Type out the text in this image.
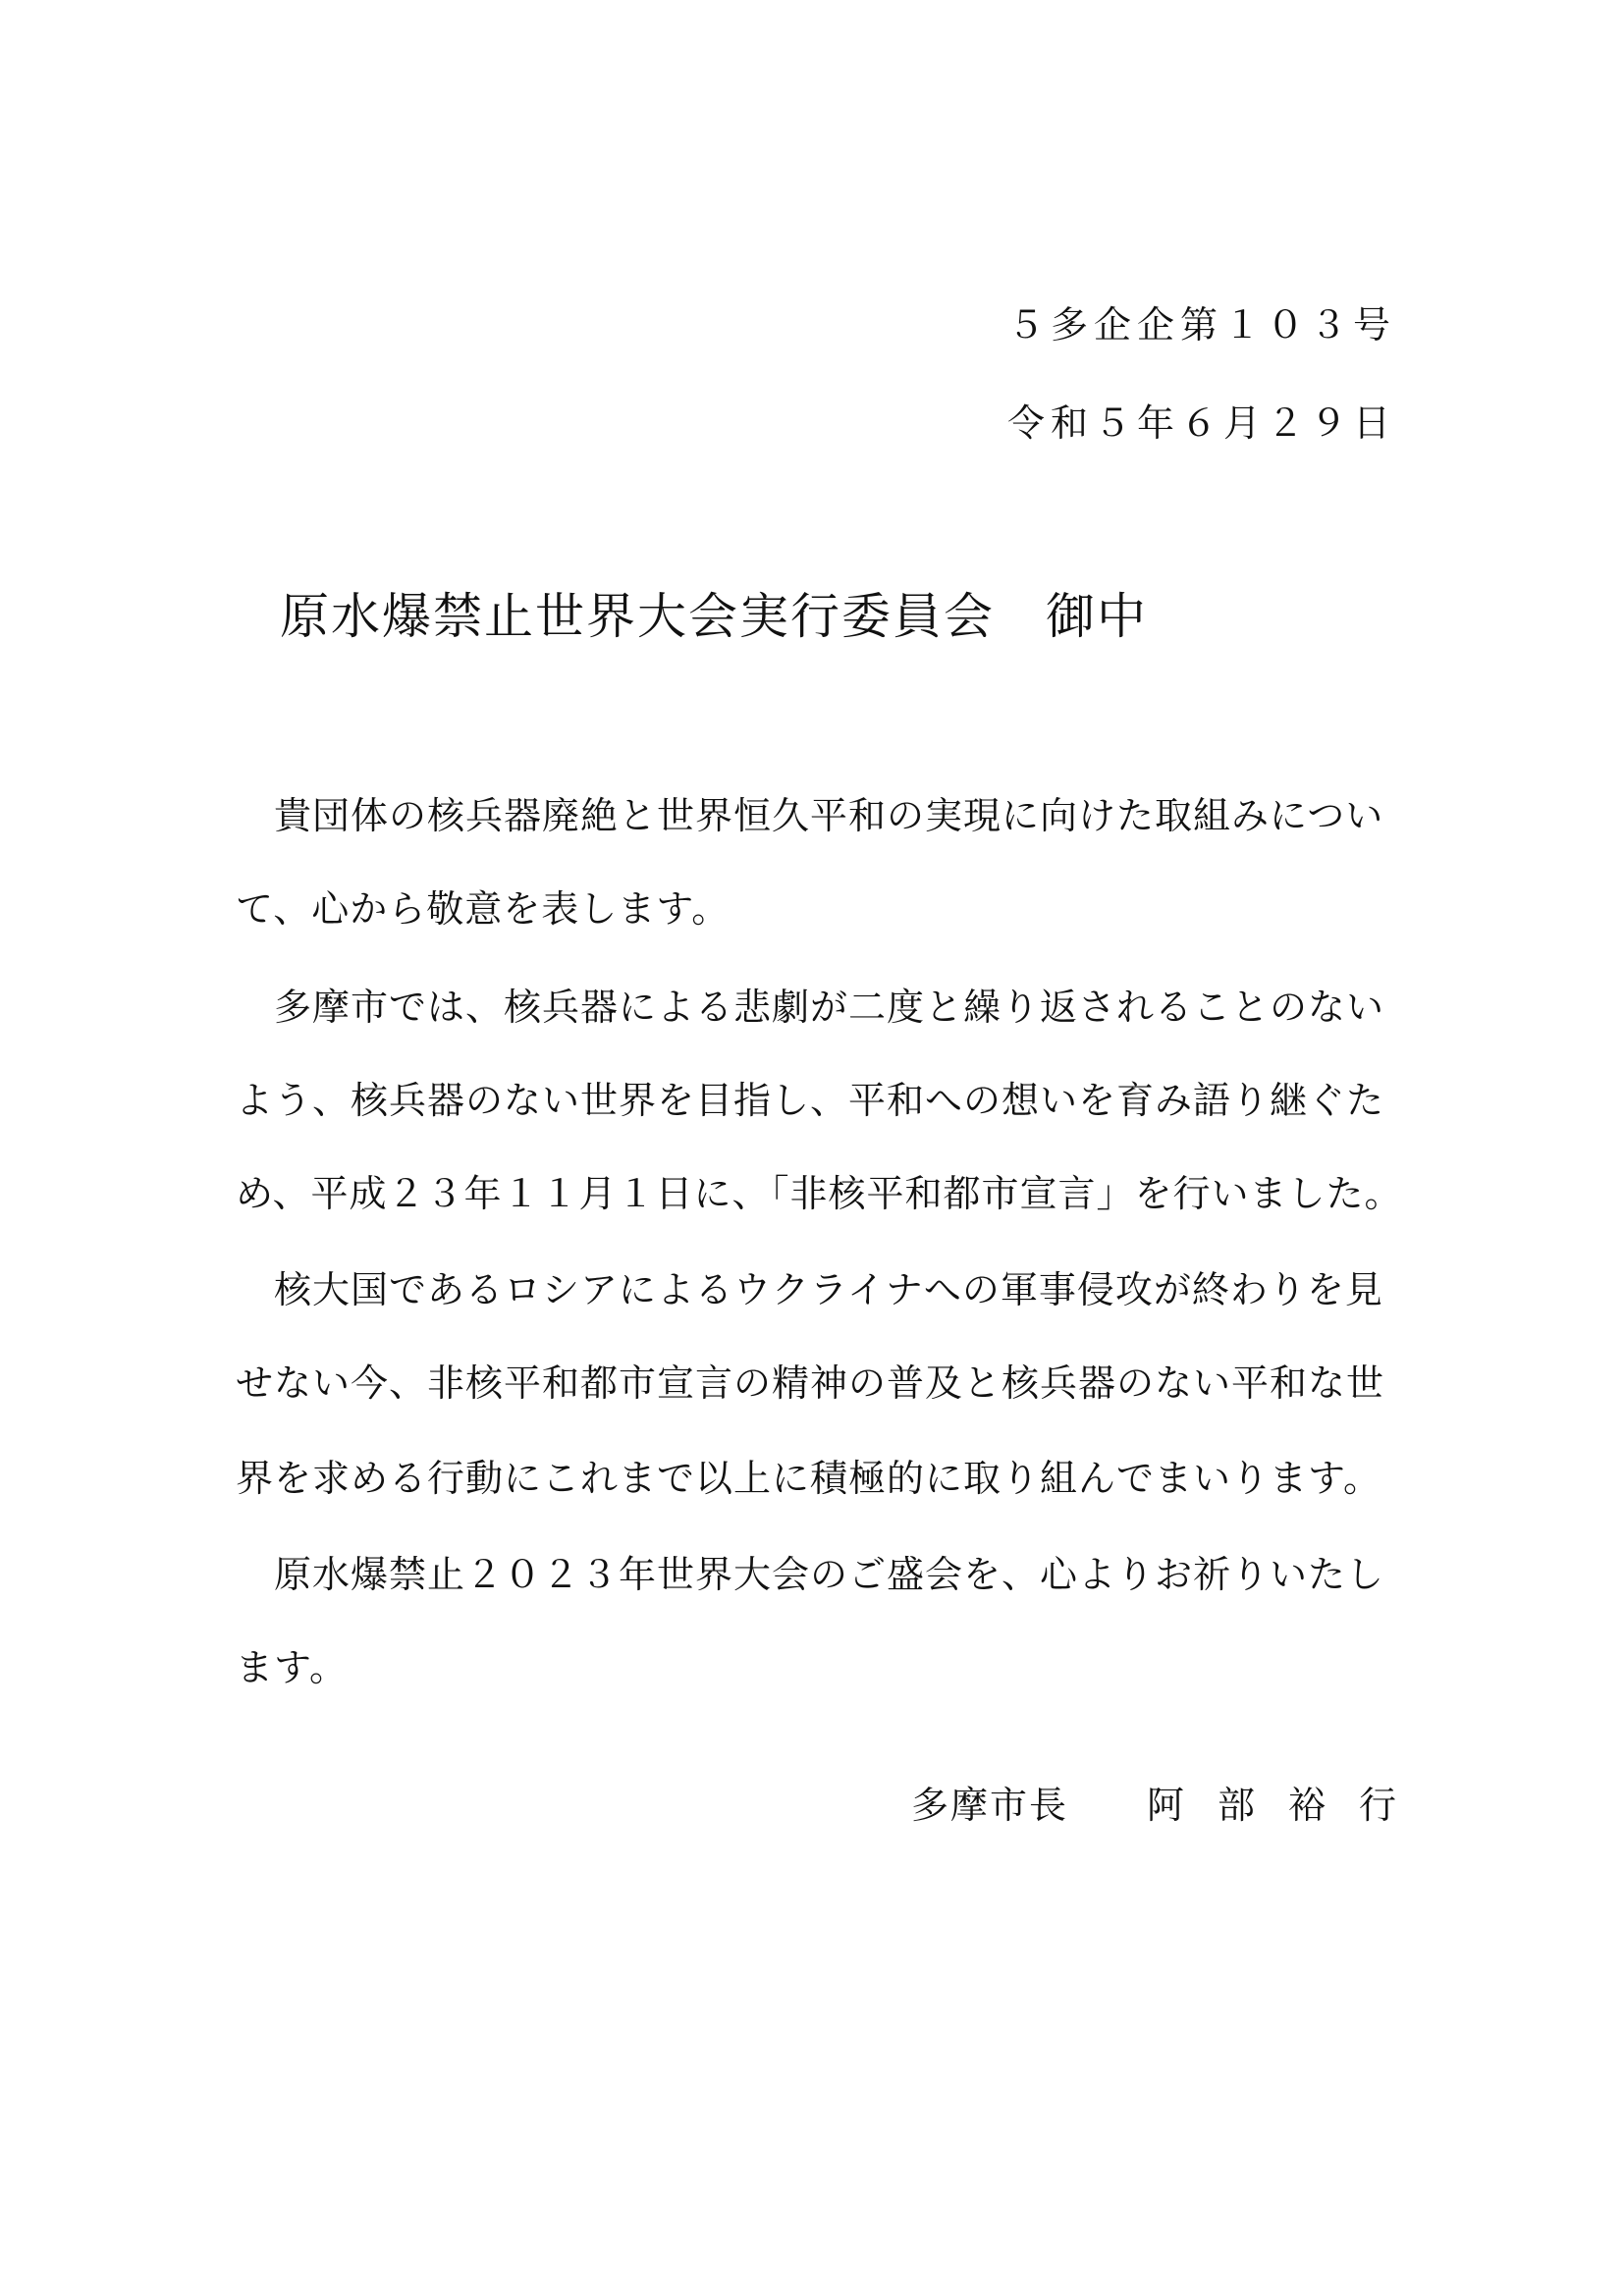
５多企企第１０３号

令和５年６月２９日

原水爆禁止世界大会実行委員会　御中

　貴団体の核兵器廃絶と世界恒久平和の実現に向けた取組みについ

て、心から敬意を表します。

　多摩市では、核兵器による悲劇が二度と繰り返されることのない

よう、核兵器のない世界を目指し、平和への想いを育み語り継ぐた

め、平成２３年１１月１日に、「非核平和都市宣言」を行いました。

　核大国であるロシアによるウクライナへの軍事侵攻が終わりを見

せない今、非核平和都市宣言の精神の普及と核兵器のない平和な世

界を求める行動にこれまで以上に積極的に取り組んでまいります。

　原水爆禁止２０２３年世界大会のご盛会を、心よりお祈りいたし

ます。

多摩市長 阿部裕行
